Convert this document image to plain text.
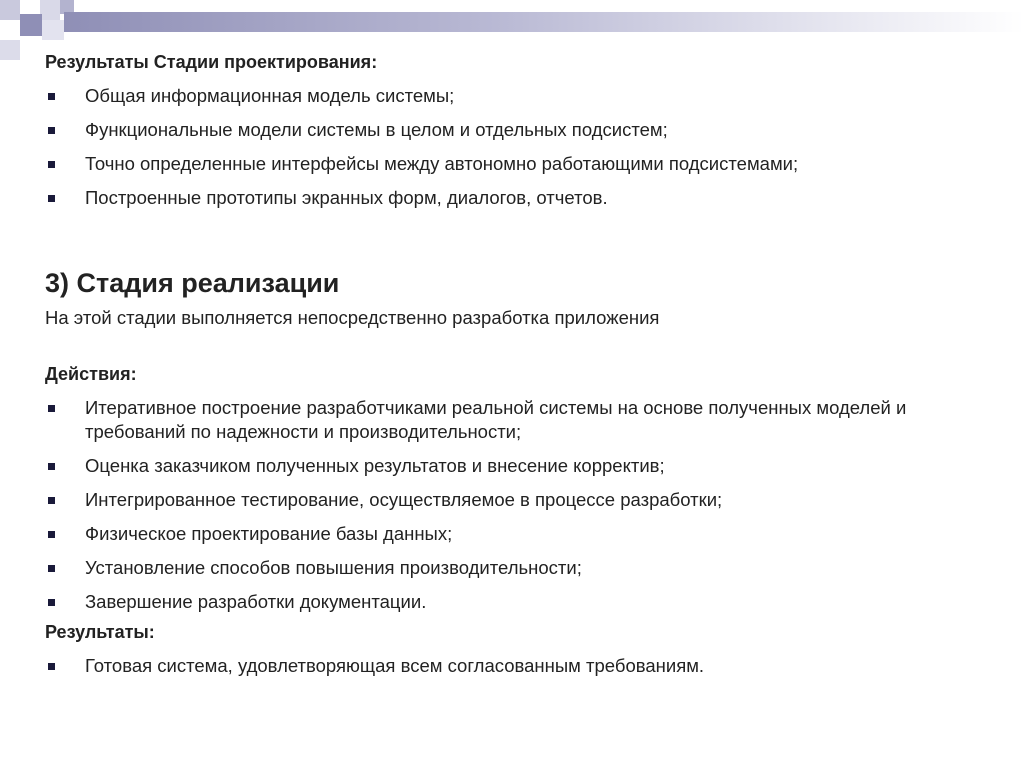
Результаты Стадии проектирования:
Общая информационная модель системы;
Функциональные модели системы в целом и отдельных подсистем;
Точно определенные интерфейсы между автономно работающими подсистемами;
Построенные прототипы экранных форм, диалогов, отчетов.
3) Стадия реализации
На этой стадии выполняется непосредственно разработка приложения
Действия:
Итеративное построение разработчиками реальной системы на основе полученных моделей и требований по надежности и производительности;
Оценка заказчиком полученных результатов и внесение корректив;
Интегрированное тестирование, осуществляемое в процессе разработки;
Физическое проектирование базы данных;
Установление способов повышения производительности;
Завершение разработки документации.
Результаты:
Готовая система, удовлетворяющая всем согласованным требованиям.
